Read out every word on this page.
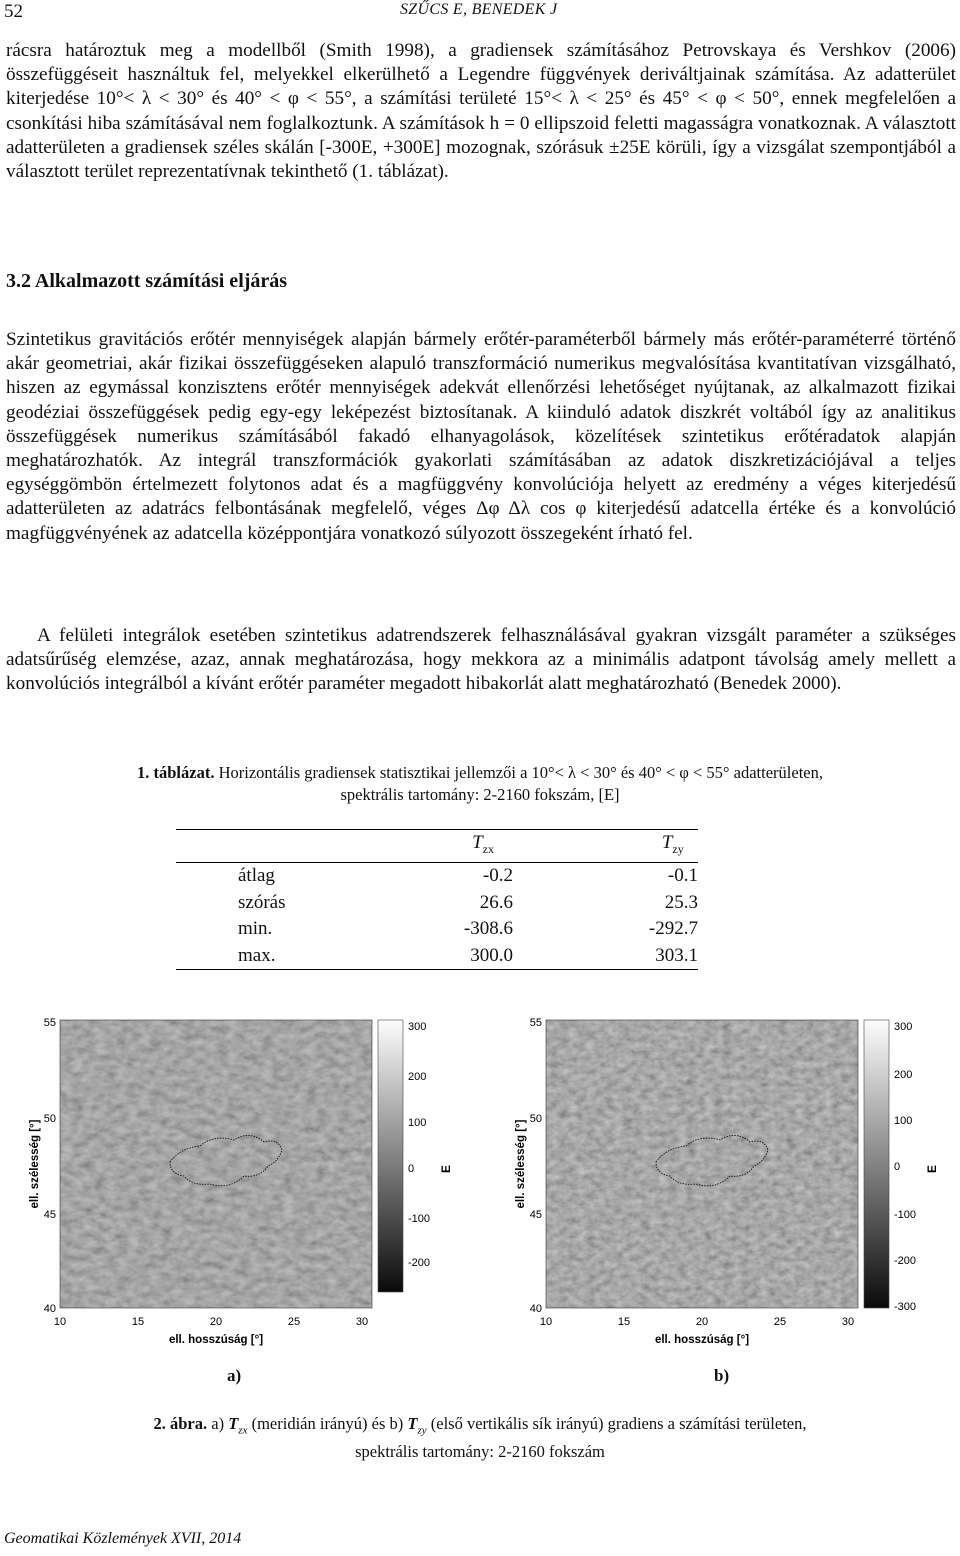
52	SZŰCS E, BENEDEK J
rácsra határoztuk meg a modellből (Smith 1998), a gradiensek számításához Petrovskaya és Vershkov (2006) összefüggéseit használtuk fel, melyekkel elkerülhető a Legendre függvények deriváltjainak számítása. Az adatterület kiterjedése 10°< λ < 30° és 40° < φ < 55°, a számítási területé 15°< λ < 25° és 45° < φ < 50°, ennek megfelelően a csonkítási hiba számításával nem foglalkoztunk. A számítások h = 0 ellipszoid feletti magasságra vonatkoznak. A választott adatterületen a gradiensek széles skálán [-300E, +300E] mozognak, szórásuk ±25E körüli, így a vizsgálat szempontjából a választott terület reprezentatívnak tekinthető (1. táblázat).
3.2 Alkalmazott számítási eljárás
Szintetikus gravitációs erőtér mennyiségek alapján bármely erőtér-paraméterből bármely más erőtér-paraméterré történő akár geometriai, akár fizikai összefüggéseken alapuló transzformáció numerikus megvalósítása kvantitatívan vizsgálható, hiszen az egymással konzisztens erőtér mennyiségek adekvát ellenőrzési lehetőséget nyújtanak, az alkalmazott fizikai geodéziai összefüggések pedig egy-egy leképezést biztosítanak. A kiinduló adatok diszkrét voltából így az analitikus összefüggések numerikus számításából fakadó elhanyagolások, közelítések szintetikus erőtéradatok alapján meghatározhatók. Az integrál transzformációk gyakorlati számításában az adatok diszkretizációjával a teljes egységgömbön értelmezett folytonos adat és a magfüggvény konvolúciója helyett az eredmény a véges kiterjedésű adatterületen az adatrács felbontásának megfelelő, véges Δφ Δλ cos φ kiterjedésű adatcella értéke és a konvolúció magfüggvényének az adatcella középpontjára vonatkozó súlyozott összegeként írható fel.
A felületi integrálok esetében szintetikus adatrendszerek felhasználásával gyakran vizsgált paraméter a szükséges adatsűrűség elemzése, azaz, annak meghatározása, hogy mekkora az a minimális adatpont távolság amely mellett a konvolúciós integrálból a kívánt erőtér paraméter megadott hibakorlát alatt meghatározható (Benedek 2000).
1. táblázat. Horizontális gradiensek statisztikai jellemzői a 10°< λ < 30° és 40° < φ < 55° adatterületen,
spektrális tartomány: 2-2160 fokszám, [E]
	$T_{zx}$	$T_{zy}$
átlag	-0.2	-0.1
szórás	26.6	25.3
min.	-308.6	-292.7
max.	300.0	303.1
55
50
45
40
ell. szélesség [°]
10	15	20	25	30
ell. hosszúság [°]
300
200
100
0
-100
-200
E
55
50
45
40
ell. szélesség [°]
10	15	20	25	30
ell. hosszúság [°]
300
200
100
0
-100
-200
-300
E
a)	b)
2. ábra. a) $T_{zx}$ (meridián irányú) és b) $T_{zy}$ (első vertikális sík irányú) gradiens a számítási területen,
spektrális tartomány: 2-2160 fokszám
Geomatikai Közlemények XVII, 2014
